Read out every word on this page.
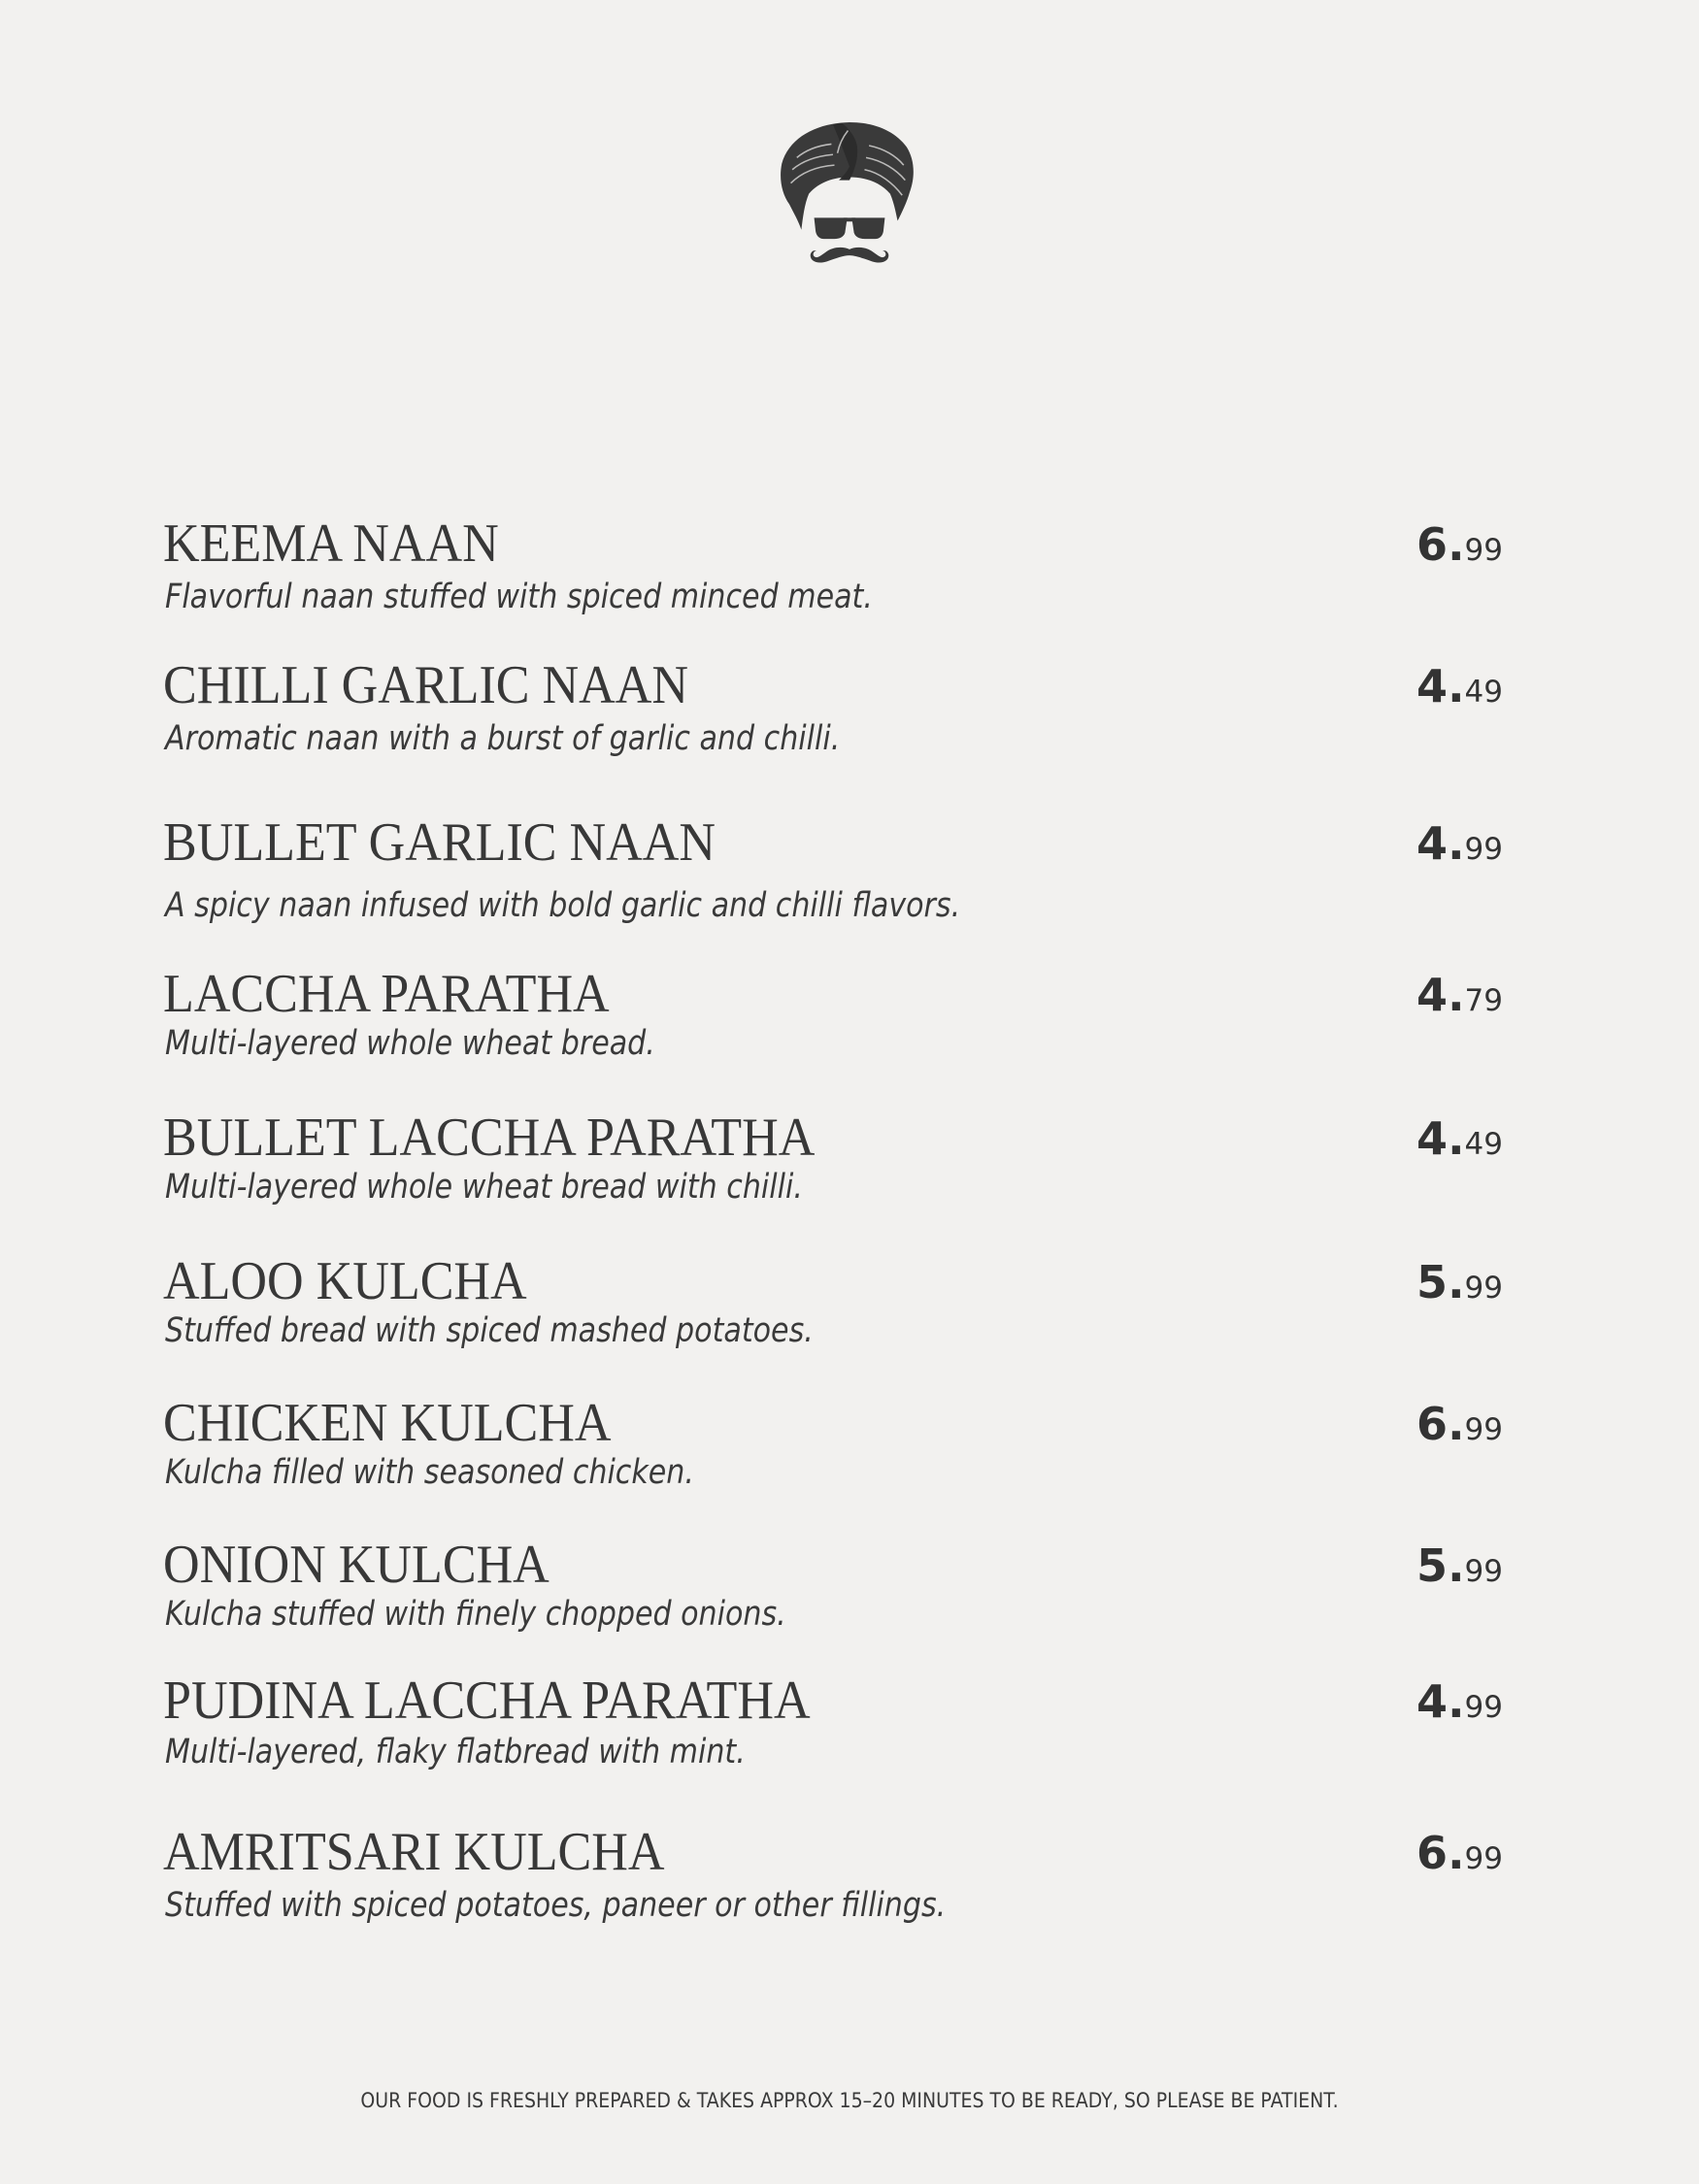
KEEMA NAAN
Flavorful naan stuffed with spiced minced meat.
6.99
CHILLI GARLIC NAAN
Aromatic naan with a burst of garlic and chilli.
4.49
BULLET GARLIC NAAN
A spicy naan infused with bold garlic and chilli flavors.
4.99
LACCHA PARATHA
Multi-layered whole wheat bread.
4.79
BULLET LACCHA PARATHA
Multi-layered whole wheat bread with chilli.
4.49
ALOO KULCHA
Stuffed bread with spiced mashed potatoes.
5.99
CHICKEN KULCHA
Kulcha filled with seasoned chicken.
6.99
ONION KULCHA
Kulcha stuffed with finely chopped onions.
5.99
PUDINA LACCHA PARATHA
Multi-layered, flaky flatbread with mint.
4.99
AMRITSARI KULCHA
Stuffed with spiced potatoes, paneer or other fillings.
6.99
OUR FOOD IS FRESHLY PREPARED & TAKES APPROX 15–20 MINUTES TO BE READY, SO PLEASE BE PATIENT.
